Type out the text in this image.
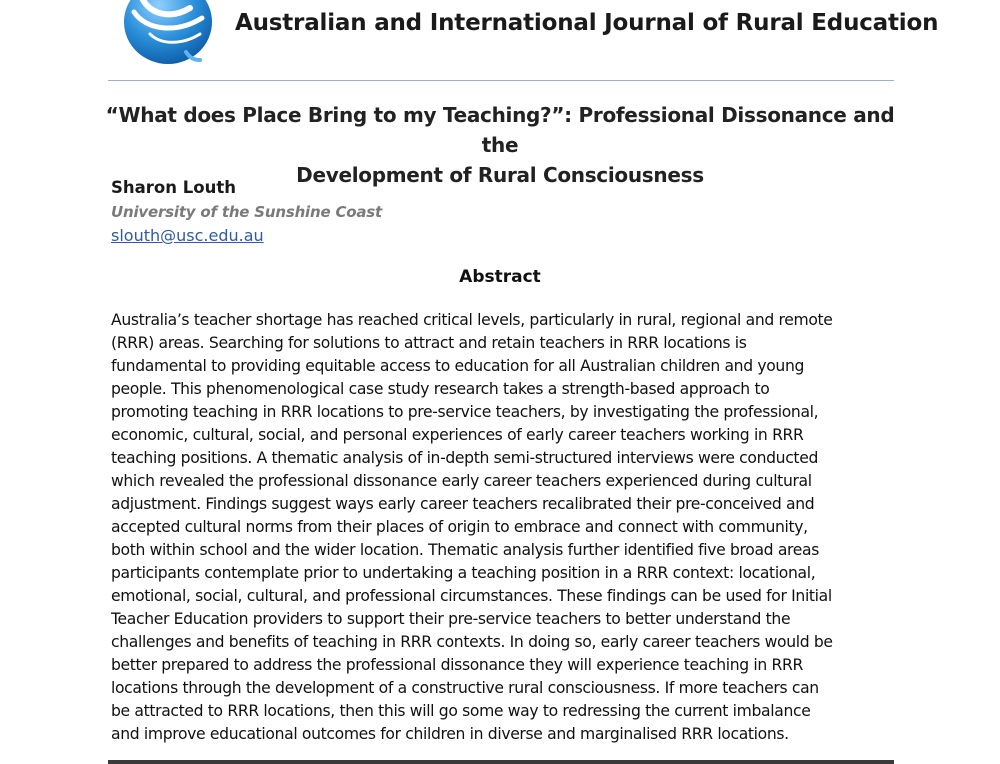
Australian and International Journal of Rural Education
“What does Place Bring to my Teaching?”: Professional Dissonance and the
Development of Rural Consciousness

Sharon Louth

University of the Sunshine Coast

slouth@usc.edu.au
Abstract

Australia’s teacher shortage has reached critical levels, particularly in rural, regional and remote
(RRR) areas. Searching for solutions to attract and retain teachers in RRR locations is
fundamental to providing equitable access to education for all Australian children and young
people. This phenomenological case study research takes a strength-based approach to
promoting teaching in RRR locations to pre-service teachers, by investigating the professional,
economic, cultural, social, and personal experiences of early career teachers working in RRR
teaching positions. A thematic analysis of in-depth semi-structured interviews were conducted
which revealed the professional dissonance early career teachers experienced during cultural
adjustment. Findings suggest ways early career teachers recalibrated their pre-conceived and
accepted cultural norms from their places of origin to embrace and connect with community,
both within school and the wider location. Thematic analysis further identified five broad areas
participants contemplate prior to undertaking a teaching position in a RRR context: locational,
emotional, social, cultural, and professional circumstances. These findings can be used for Initial
Teacher Education providers to support their pre-service teachers to better understand the
challenges and benefits of teaching in RRR contexts. In doing so, early career teachers would be
better prepared to address the professional dissonance they will experience teaching in RRR
locations through the development of a constructive rural consciousness. If more teachers can
be attracted to RRR locations, then this will go some way to redressing the current imbalance
and improve educational outcomes for children in diverse and marginalised RRR locations.
